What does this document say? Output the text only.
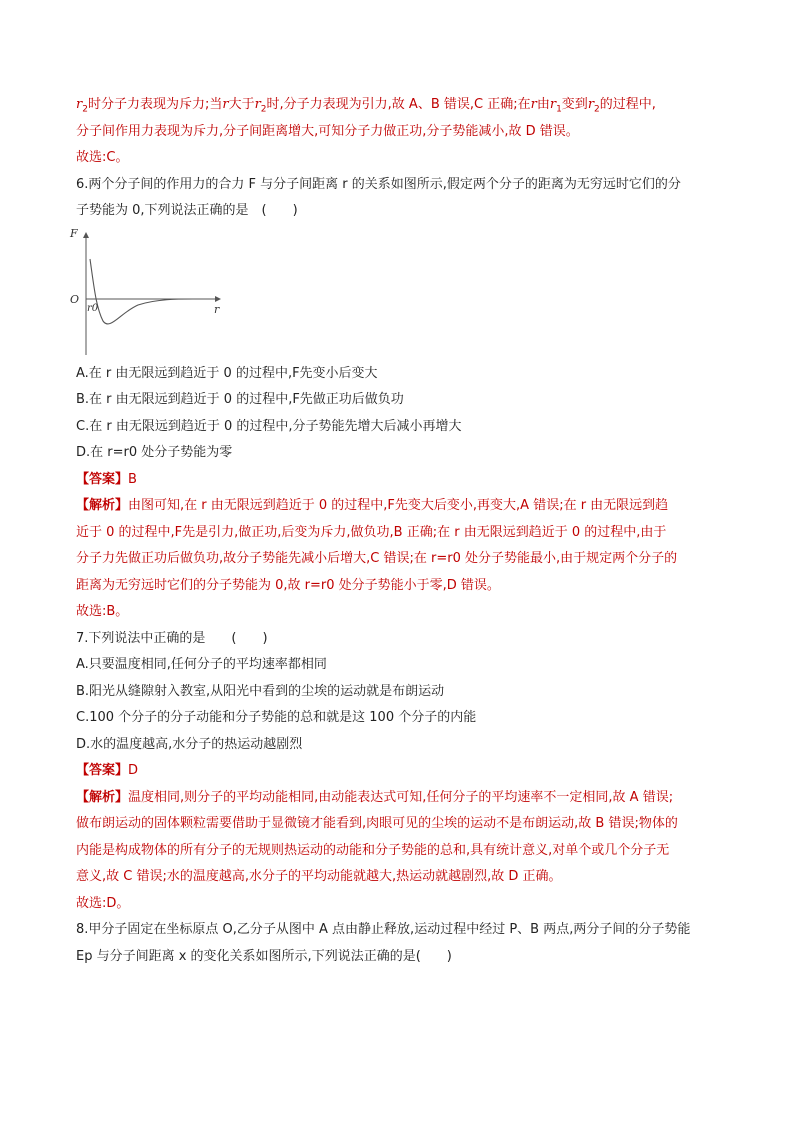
$r_2$时分子力表现为斥力;当r大于$r_2$时,分子力表现为引力,故 A、B 错误,C 正确;在r由$r_1$变到$r_2$的过程中,
分子间作用力表现为斥力,分子间距离增大,可知分子力做正功,分子势能减小,故 D 错误。
故选:C。
6.两个分子间的作用力的合力 F 与分子间距离 r 的关系如图所示,假定两个分子的距离为无穷远时它们的分
子势能为 0,下列说法正确的是　(　　)
F
O
r0	r
A.在 r 由无限远到趋近于 0 的过程中,F先变小后变大
B.在 r 由无限远到趋近于 0 的过程中,F先做正功后做负功
C.在 r 由无限远到趋近于 0 的过程中,分子势能先增大后减小再增大
D.在 r=r0 处分子势能为零
【答案】B
【解析】由图可知,在 r 由无限远到趋近于 0 的过程中,F先变大后变小,再变大,A 错误;在 r 由无限远到趋
近于 0 的过程中,F先是引力,做正功,后变为斥力,做负功,B 正确;在 r 由无限远到趋近于 0 的过程中,由于
分子力先做正功后做负功,故分子势能先减小后增大,C 错误;在 r=r0 处分子势能最小,由于规定两个分子的
距离为无穷远时它们的分子势能为 0,故 r=r0 处分子势能小于零,D 错误。
故选:B。
7.下列说法中正确的是　　(　　)
A.只要温度相同,任何分子的平均速率都相同
B.阳光从缝隙射入教室,从阳光中看到的尘埃的运动就是布朗运动
C.100 个分子的分子动能和分子势能的总和就是这 100 个分子的内能
D.水的温度越高,水分子的热运动越剧烈
【答案】D
【解析】温度相同,则分子的平均动能相同,由动能表达式可知,任何分子的平均速率不一定相同,故 A 错误;
做布朗运动的固体颗粒需要借助于显微镜才能看到,肉眼可见的尘埃的运动不是布朗运动,故 B 错误;物体的
内能是构成物体的所有分子的无规则热运动的动能和分子势能的总和,具有统计意义,对单个或几个分子无
意义,故 C 错误;水的温度越高,水分子的平均动能就越大,热运动就越剧烈,故 D 正确。
故选:D。
8.甲分子固定在坐标原点 O,乙分子从图中 A 点由静止释放,运动过程中经过 P、B 两点,两分子间的分子势能
Ep 与分子间距离 x 的变化关系如图所示,下列说法正确的是(　　)
